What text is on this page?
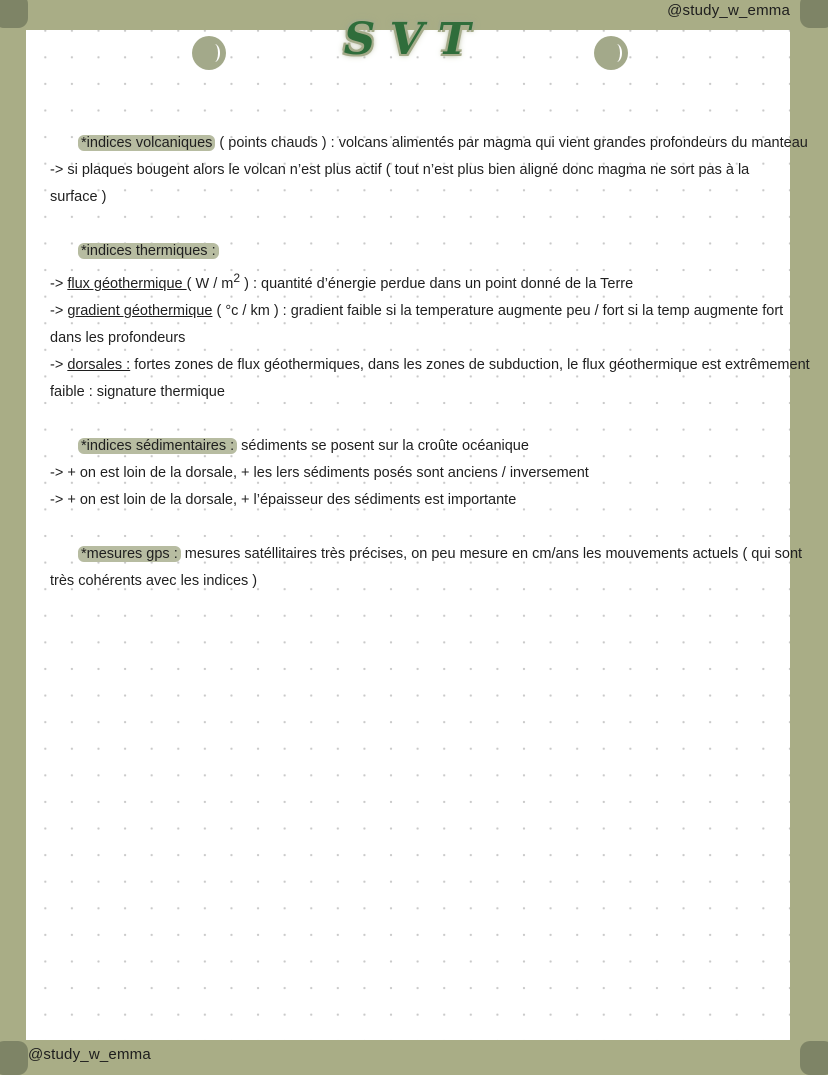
@study_w_emma
@study_w_emma
SVT
*indices volcaniques ( points chauds ) : volcans alimentés par magma qui vient grandes profondeurs du manteau
-> si plaques bougent alors le volcan n’est plus actif ( tout n’est plus bien aligné donc magma ne sort pas à la
surface )
*indices thermiques :
-> flux géothermique ( W / $m^2$ ) : quantité d’énergie perdue dans un point donné de la Terre
-> gradient géothermique ( °c / km ) : gradient faible si la temperature augmente peu / fort si la temp augmente fort
dans les profondeurs
-> dorsales : fortes zones de flux géothermiques, dans les zones de subduction, le flux géothermique est extrêmement
faible : signature thermique
*indices sédimentaires : sédiments se posent sur la croûte océanique
-> + on est loin de la dorsale, + les lers sédiments posés sont anciens / inversement
-> + on est loin de la dorsale, + l’épaisseur des sédiments est importante
*mesures gps : mesures satéllitaires très précises, on peu mesure en cm/ans les mouvements actuels ( qui sont
très cohérents avec les indices )
